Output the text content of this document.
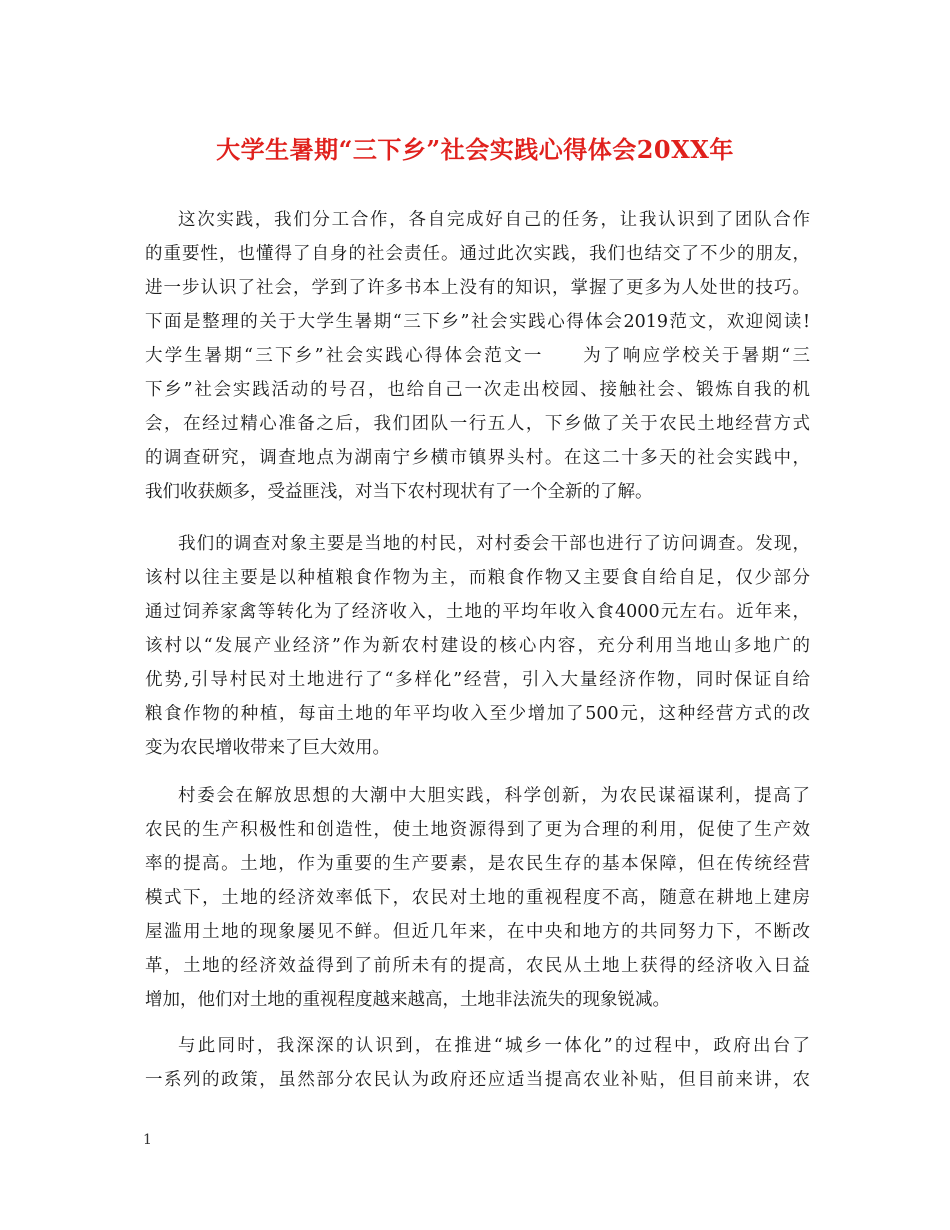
大学生暑期“三下乡”社会实践心得体会20XX年
这次实践，我们分工合作，各自完成好自己的任务，让我认识到了团队合作
的重要性，也懂得了自身的社会责任。通过此次实践，我们也结交了不少的朋友，
进一步认识了社会，学到了许多书本上没有的知识，掌握了更多为人处世的技巧。
下面是整理的关于大学生暑期“三下乡”社会实践心得体会2019范文，欢迎阅读!
大学生暑期“三下乡”社会实践心得体会范文一　　为了响应学校关于暑期“三
下乡”社会实践活动的号召，也给自己一次走出校园、接触社会、锻炼自我的机
会，在经过精心准备之后，我们团队一行五人，下乡做了关于农民土地经营方式
的调查研究，调查地点为湖南宁乡横市镇界头村。在这二十多天的社会实践中，
我们收获颇多，受益匪浅，对当下农村现状有了一个全新的了解。
我们的调查对象主要是当地的村民，对村委会干部也进行了访问调查。发现，
该村以往主要是以种植粮食作物为主，而粮食作物又主要食自给自足，仅少部分
通过饲养家禽等转化为了经济收入，土地的平均年收入食4000元左右。近年来，
该村以“发展产业经济”作为新农村建设的核心内容，充分利用当地山多地广的
优势,引导村民对土地进行了“多样化”经营，引入大量经济作物，同时保证自给
粮食作物的种植，每亩土地的年平均收入至少增加了500元，这种经营方式的改
变为农民增收带来了巨大效用。
村委会在解放思想的大潮中大胆实践，科学创新，为农民谋福谋利，提高了
农民的生产积极性和创造性，使土地资源得到了更为合理的利用，促使了生产效
率的提高。土地，作为重要的生产要素，是农民生存的基本保障，但在传统经营
模式下，土地的经济效率低下，农民对土地的重视程度不高，随意在耕地上建房
屋滥用土地的现象屡见不鲜。但近几年来，在中央和地方的共同努力下，不断改
革，土地的经济效益得到了前所未有的提高，农民从土地上获得的经济收入日益
增加，他们对土地的重视程度越来越高，土地非法流失的现象锐减。
与此同时，我深深的认识到，在推进“城乡一体化”的过程中，政府出台了
一系列的政策，虽然部分农民认为政府还应适当提高农业补贴，但目前来讲，农
1
